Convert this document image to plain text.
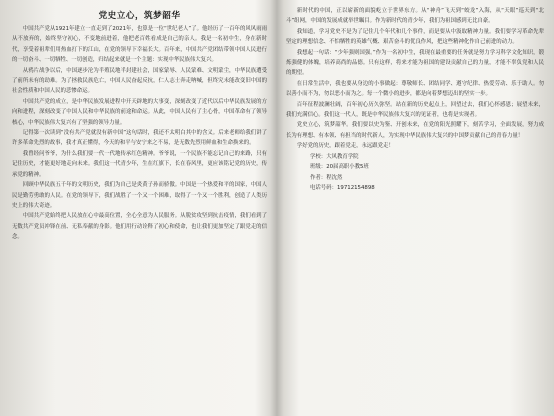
党史立心，筑梦韶华

中国共产党从1921年建立一直走到了2021年，也算是一位“世纪老人”了。他经历了一百年的风风雨雨从不放弃的，始终坚守初心，不变地前进着，他把老百姓看成是自己的亲人。我是一名初中生，身在新时代，享受着祖辈们用热血打下的江山，在党的领导下幸福长大。百年来，中国共产党团结带领中国人民进行的一切奋斗、一切牺牲、一切创造，归结起来就是一个主题：实现中华民族伟大复兴。

从鸦片战争以后，中国逐步沦为半殖民地半封建社会，国家蒙辱、人民蒙难、文明蒙尘，中华民族遭受了前所未有的劫难。为了拯救民族危亡，中国人民奋起反抗，仁人志士奔走呐喊，但终究未能改变旧中国的社会性质和中国人民的悲惨命运。

中国共产党的成立，是中华民族发展进程中开天辟地的大事变，深刻改变了近代以后中华民族发展的方向和进程，深刻改变了中国人民和中华民族的前途和命运。从此，中国人民有了主心骨，中国革命有了领导核心，中华民族伟大复兴有了坚强的领导力量。

记得第一次读到“没有共产党就没有新中国”这句话时，我还不太明白其中的含义。后来老师给我们讲了许多革命先烈的故事，我才真正懂得，今天的和平与安宁来之不易，是无数先烈用鲜血和生命换来的。

我曾经问爷爷，为什么我们要一代一代地传承红色精神。爷爷说，一个民族不能忘记自己的来路，只有记住历史，才能更好地走向未来。我们这一代青少年，生在红旗下，长在春风里，更应该铭记党的历史，传承党的精神。

回顾中华民族五千年的文明历史，我们为自己是炎黄子孙而骄傲。中国是一个热爱和平的国家，中国人民是勤劳勇敢的人民。在党的领导下，我们战胜了一个又一个困难，取得了一个又一个胜利，创造了人类历史上的伟大奇迹。

中国共产党始终把人民放在心中最高位置，全心全意为人民服务。从脱贫攻坚到抗击疫情，我们看到了无数共产党员冲锋在前、无私奉献的身影。他们用行动诠释了初心和使命，也让我们更加坚定了跟党走的信念。

新时代的中国，正以崭新的面貌屹立于世界东方。从“神舟”飞天到“蛟龙”入海，从“天眼”巡天到“北斗”组网，中国的发展成就举世瞩目。作为新时代的青少年，我们为祖国感到无比自豪。

我知道，学习党史不是为了记住几个年代和几个事件，而是要从中汲取精神力量。我们要学习革命先辈坚定的理想信念、不怕牺牲的英雄气概、艰苦奋斗的优良作风，把这些精神化作自己前进的动力。

我想起一句话：“少年强则国强。”作为一名初中生，我现在最重要的任务就是努力学习科学文化知识，锻炼强健的体魄，培养高尚的品德。只有这样，将来才能为祖国的建设贡献自己的力量，才能不辜负党和人民的期望。

在日常生活中，我也要从身边的小事做起：尊敬师长、团结同学、遵守纪律、热爱劳动、乐于助人。勿以善小而不为，勿以恶小而为之。每一个微小的进步，都是向着梦想迈出的坚实一步。

百年征程波澜壮阔，百年初心历久弥坚。站在新的历史起点上，回望过去，我们心怀感恩；展望未来，我们充满信心。我们这一代人，既是中华民族伟大复兴的见证者，也将是实现者。

党史立心，筑梦韶华。我们要以史为鉴、开创未来，在党的阳光照耀下，刻苦学习，全面发展，努力成长为有理想、有本领、有担当的时代新人，为实现中华民族伟大复兴的中国梦贡献自己的青春力量！

学好党的历史，跟着党走，永远跟党走！

学校：大风教育学院

班级：20届高职小教5班

作者：程沈然

电话号码：19712154898
